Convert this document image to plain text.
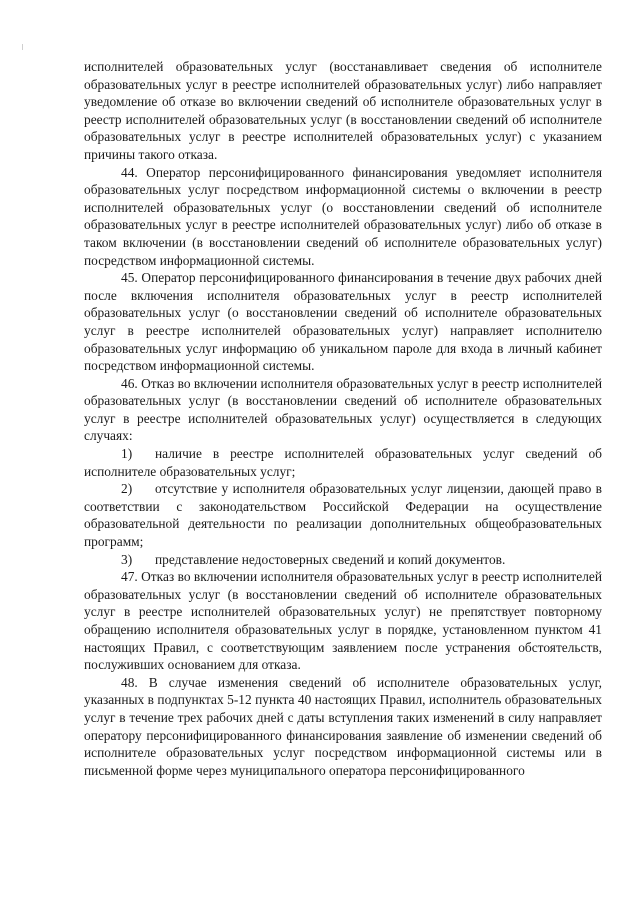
исполнителей образовательных услуг (восстанавливает сведения об исполнителе образовательных услуг в реестре исполнителей образовательных услуг) либо направляет уведомление об отказе во включении сведений об исполнителе образовательных услуг в реестр исполнителей образовательных услуг (в восстановлении сведений об исполнителе образовательных услуг в реестре исполнителей образовательных услуг) с указанием причины такого отказа.

44. Оператор персонифицированного финансирования уведомляет исполнителя образовательных услуг посредством информационной системы о включении в реестр исполнителей образовательных услуг (о восстановлении сведений об исполнителе образовательных услуг в реестре исполнителей образовательных услуг) либо об отказе в таком включении (в восстановлении сведений об исполнителе образовательных услуг) посредством информационной системы.

45. Оператор персонифицированного финансирования в течение двух рабочих дней после включения исполнителя образовательных услуг в реестр исполнителей образовательных услуг (о восстановлении сведений об исполнителе образовательных услуг в реестре исполнителей образовательных услуг) направляет исполнителю образовательных услуг информацию об уникальном пароле для входа в личный кабинет посредством информационной системы.

46. Отказ во включении исполнителя образовательных услуг в реестр исполнителей образовательных услуг (в восстановлении сведений об исполнителе образовательных услуг в реестре исполнителей образовательных услуг) осуществляется в следующих случаях:

1) наличие в реестре исполнителей образовательных услуг сведений об исполнителе образовательных услуг;

2) отсутствие у исполнителя образовательных услуг лицензии, дающей право в соответствии с законодательством Российской Федерации на осуществление образовательной деятельности по реализации дополнительных общеобразовательных программ;

3) представление недостоверных сведений и копий документов.

47. Отказ во включении исполнителя образовательных услуг в реестр исполнителей образовательных услуг (в восстановлении сведений об исполнителе образовательных услуг в реестре исполнителей образовательных услуг) не препятствует повторному обращению исполнителя образовательных услуг в порядке, установленном пунктом 41 настоящих Правил, с соответствующим заявлением после устранения обстоятельств, послуживших основанием для отказа.

48. В случае изменения сведений об исполнителе образовательных услуг, указанных в подпунктах 5-12 пункта 40 настоящих Правил, исполнитель образовательных услуг в течение трех рабочих дней с даты вступления таких изменений в силу направляет оператору персонифицированного финансирования заявление об изменении сведений об исполнителе образовательных услуг посредством информационной системы или в письменной форме через муниципального оператора персонифицированного
